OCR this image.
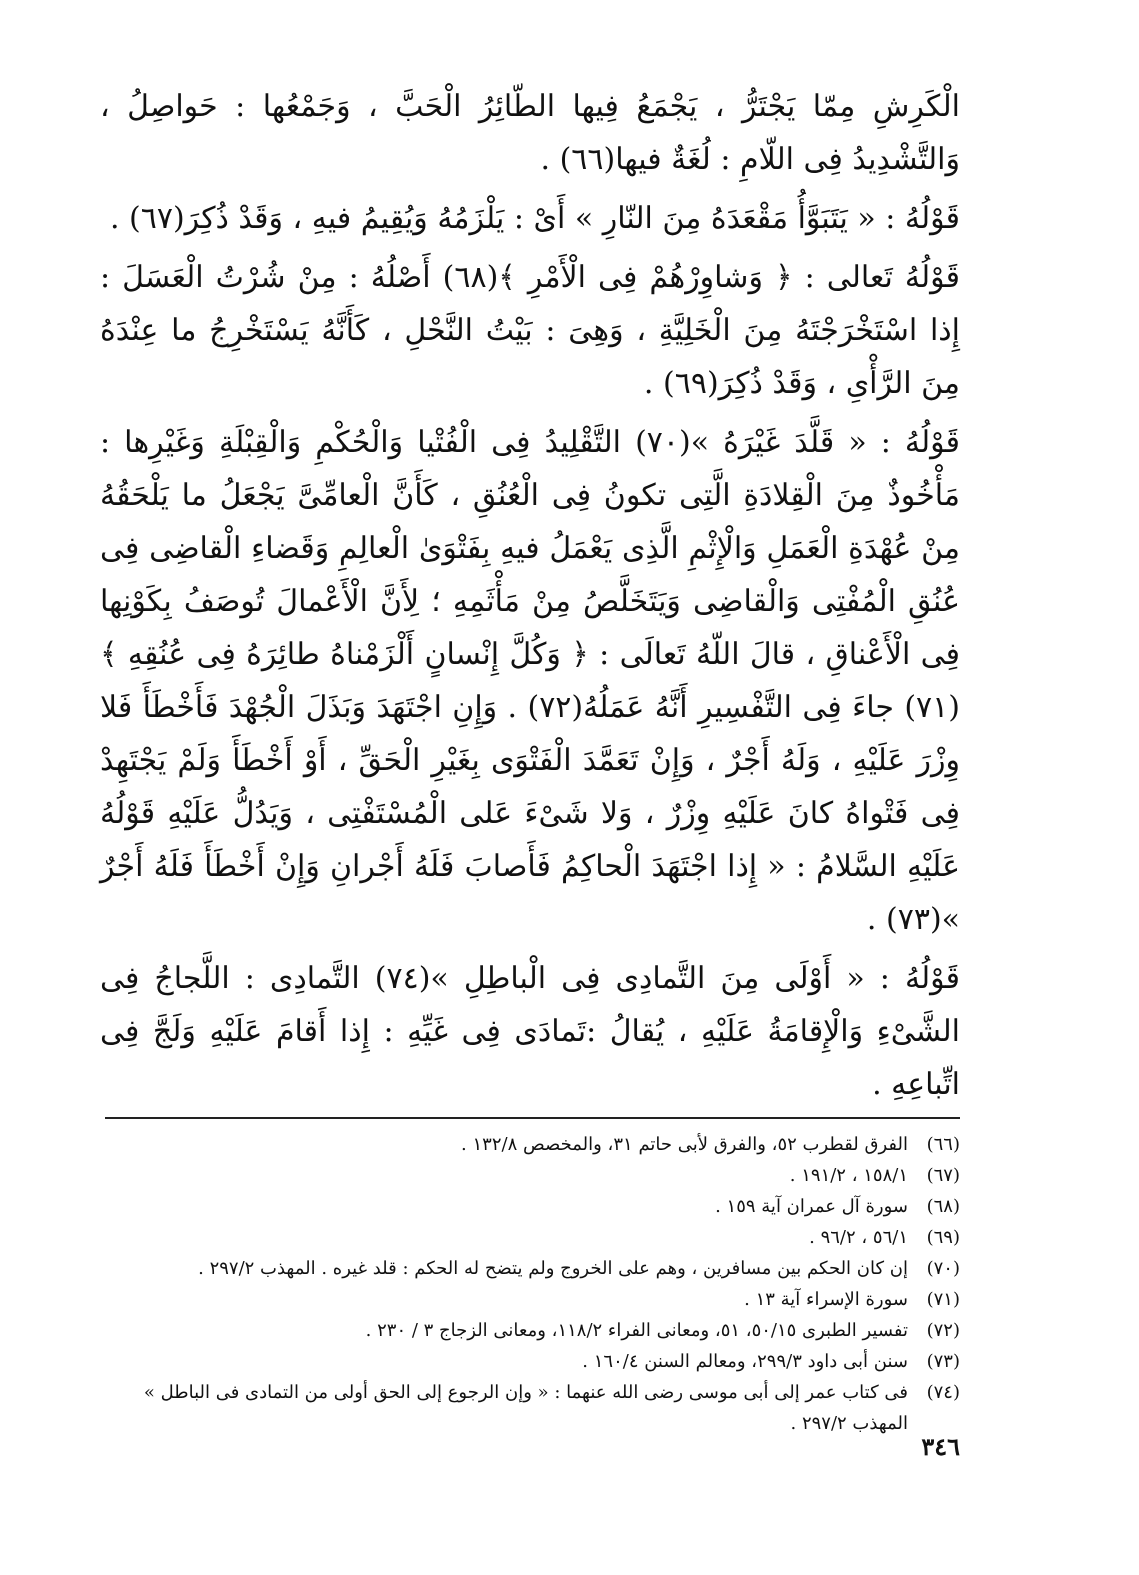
الْكَرِشِ مِمّا يَجْتَرُّ ، يَجْمَعُ فِيها الطّائِرُ الْحَبَّ ، وَجَمْعُها : حَواصِلُ ، وَالتَّشْدِيدُ فِى اللّامِ : لُغَةٌ فيها(٦٦) .

قَوْلُهُ : « يَتَبَوَّأُ مَقْعَدَهُ مِنَ النّارِ » أَىْ : يَلْزَمُهُ وَيُقِيمُ فيهِ ، وَقَدْ ذُكِرَ(٦٧) .

قَوْلُهُ تَعالى : ﴿ وَشاوِرْهُمْ فِى الْأَمْرِ ﴾(٦٨) أَصْلُهُ : مِنْ شُرْتُ الْعَسَلَ : إِذا اسْتَخْرَجْتَهُ مِنَ الْخَلِيَّةِ ، وَهِىَ : بَيْتُ النَّحْلِ ، كَأَنَّهُ يَسْتَخْرِجُ ما عِنْدَهُ مِنَ الرَّأْىِ ، وَقَدْ ذُكِرَ(٦٩) .

قَوْلُهُ : « قَلَّدَ غَيْرَهُ »(٧٠) التَّقْلِيدُ فِى الْفُتْيا وَالْحُكْمِ وَالْقِبْلَةِ وَغَيْرِها : مَأْخُوذٌ مِنَ الْقِلادَةِ الَّتِى تكونُ فِى الْعُنُقِ ، كَأَنَّ الْعامِّىَّ يَجْعَلُ ما يَلْحَقُهُ مِنْ عُهْدَةِ الْعَمَلِ وَالْإِثْمِ الَّذِى يَعْمَلُ فيهِ بِفَتْوَىٰ الْعالِمِ وَقَضاءِ الْقاضِى فِى عُنُقِ الْمُفْتِى وَالْقاضِى وَيَتَخَلَّصُ مِنْ مَأْثَمِهِ ؛ لِأَنَّ الْأَعْمالَ تُوصَفُ بِكَوْنِها فِى الْأَعْناقِ ، قالَ اللّهُ تَعالَى : ﴿ وَكُلَّ إِنْسانٍ أَلْزَمْناهُ طائِرَهُ فِى عُنُقِهِ ﴾(٧١) جاءَ فِى التَّفْسِيرِ أَنَّهُ عَمَلُهُ(٧٢) . وَإِنِ اجْتَهَدَ وَبَذَلَ الْجُهْدَ فَأَخْطَأَ فَلا وِزْرَ عَلَيْهِ ، وَلَهُ أَجْرٌ ، وَإِنْ تَعَمَّدَ الْفَتْوَى بِغَيْرِ الْحَقِّ ، أَوْ أَخْطَأَ وَلَمْ يَجْتَهِدْ فِى فَتْواهُ كانَ عَلَيْهِ وِزْرٌ ، وَلا شَىْءَ عَلى الْمُسْتَفْتِى ، وَيَدُلُّ عَلَيْهِ قَوْلُهُ عَلَيْهِ السَّلامُ : « إِذا اجْتَهَدَ الْحاكِمُ فَأَصابَ فَلَهُ أَجْرانِ وَإِنْ أَخْطَأَ فَلَهُ أَجْرٌ »(٧٣) .

قَوْلُهُ : « أَوْلَى مِنَ التَّمادِى فِى الْباطِلِ »(٧٤) التَّمادِى : اللَّجاجُ فِى الشَّىْءِ وَالْإِقامَةُ عَلَيْهِ ، يُقالُ :تَمادَى فِى غَيِّهِ : إِذا أَقامَ عَلَيْهِ وَلَجَّ فِى اتِّباعِهِ .

(٦٦)
الفرق لقطرب ٥٢، والفرق لأبى حاتم ٣١، والمخصص ١٣٢/٨ .
(٦٧)
١٥٨/١ ، ١٩١/٢ .
(٦٨)
سورة آل عمران آية ١٥٩ .
(٦٩)
٥٦/١ ، ٩٦/٢ .
(٧٠)
إن كان الحكم بين مسافرين ، وهم على الخروج ولم يتضح له الحكم : قلد غيره . المهذب ٢٩٧/٢ .
(٧١)
سورة الإسراء آية ١٣ .
(٧٢)
تفسير الطبرى ٥٠/١٥، ٥١، ومعانى الفراء ١١٨/٢، ومعانى الزجاج ٣ / ٢٣٠ .
(٧٣)
سنن أبى داود ٢٩٩/٣، ومعالم السنن ١٦٠/٤ .
(٧٤)
فى كتاب عمر إلى أبى موسى رضى الله عنهما : « وإن الرجوع إلى الحق أولى من التمادى فى الباطل » المهذب ٢٩٧/٢ .
٣٤٦
